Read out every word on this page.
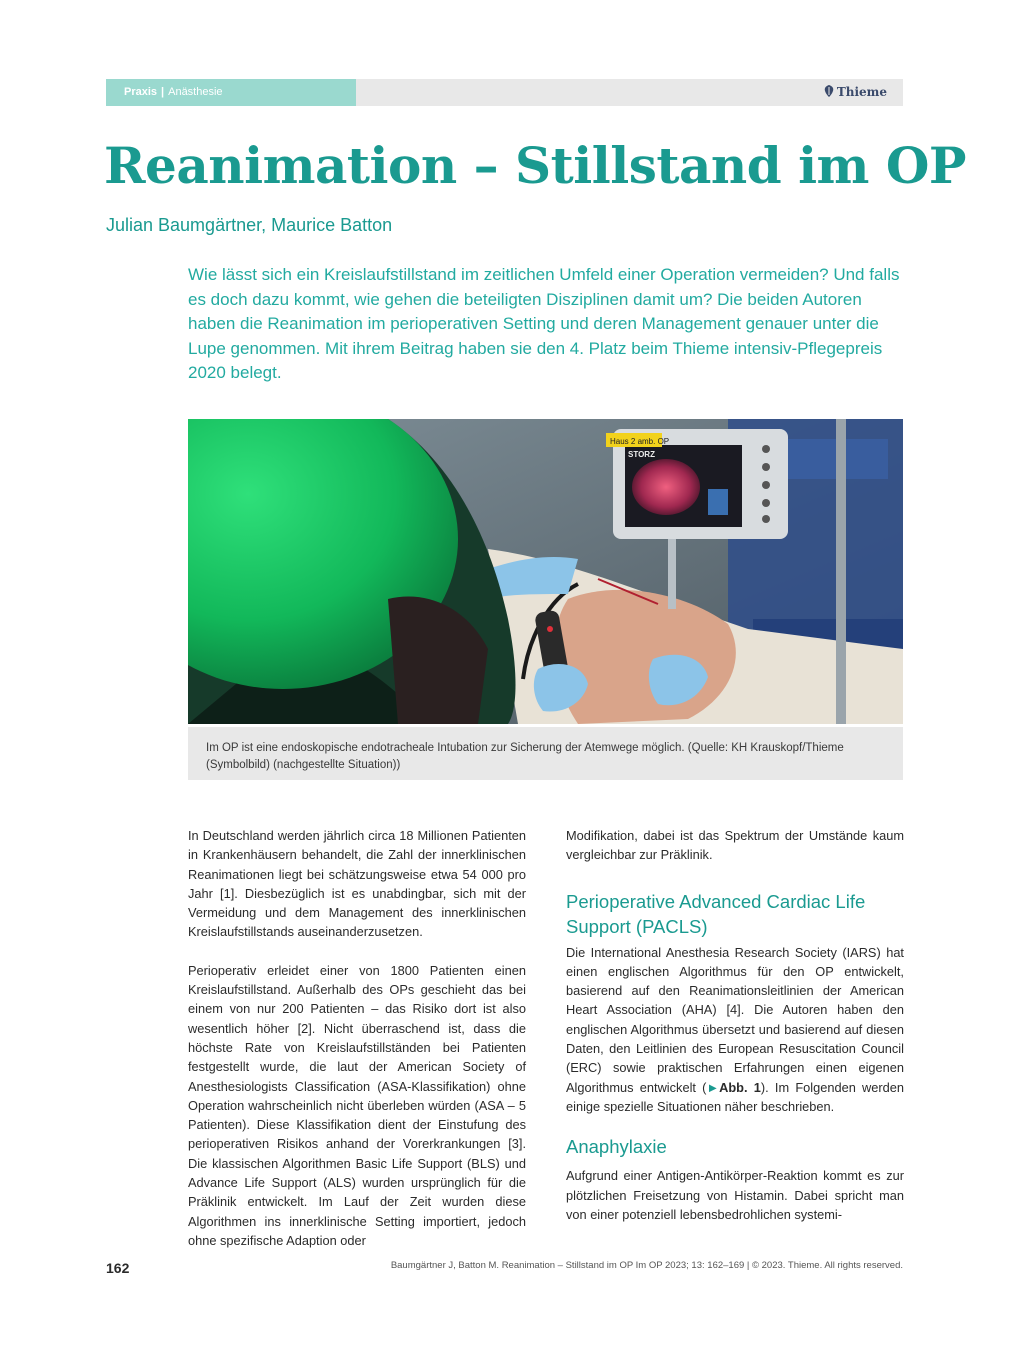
Praxis | Anästhesie	Thieme
Reanimation – Stillstand im OP
Julian Baumgärtner, Maurice Batton

Wie lässt sich ein Kreislaufstillstand im zeitlichen Umfeld einer Operation vermeiden? Und falls es doch dazu kommt, wie gehen die beteiligten Disziplinen damit um? Die beiden Autoren haben die Reanimation im perioperativen Setting und deren Management genauer unter die Lupe genommen. Mit ihrem Beitrag haben sie den 4. Platz beim Thieme intensiv-Pflegepreis 2020 belegt.

Haus 2 amb. OP
STORZ
Im OP ist eine endoskopische endotracheale Intubation zur Sicherung der Atemwege möglich. (Quelle: KH Krauskopf/Thieme (Symbolbild) (nachgestellte Situation))

In Deutschland werden jährlich circa 18 Millionen Patienten in Krankenhäusern behandelt, die Zahl der innerklinischen Reanimationen liegt bei schätzungsweise etwa 54 000 pro Jahr [1]. Diesbezüglich ist es unabdingbar, sich mit der Vermeidung und dem Management des innerklinischen Kreislaufstillstands auseinanderzusetzen.

Perioperativ erleidet einer von 1800 Patienten einen Kreislaufstillstand. Außerhalb des OPs geschieht das bei einem von nur 200 Patienten – das Risiko dort ist also wesentlich höher [2]. Nicht überraschend ist, dass die höchste Rate von Kreislaufstillständen bei Patienten festgestellt wurde, die laut der American Society of Anesthesiologists Classification (ASA-Klassifikation) ohne Operation wahrscheinlich nicht überleben würden (ASA – 5 Patienten). Diese Klassifikation dient der Einstufung des perioperativen Risikos anhand der Vorerkrankungen [3]. Die klassischen Algorithmen Basic Life Support (BLS) und Advance Life Support (ALS) wurden ursprünglich für die Präklinik entwickelt. Im Lauf der Zeit wurden diese Algorithmen ins innerklinische Setting importiert, jedoch ohne spezifische Adaption oder

Modifikation, dabei ist das Spektrum der Umstände kaum vergleichbar zur Präklinik.

Perioperative Advanced Cardiac Life Support (PACLS)

Die International Anesthesia Research Society (IARS) hat einen englischen Algorithmus für den OP entwickelt, basierend auf den Reanimationsleitlinien der American Heart Association (AHA) [4]. Die Autoren haben den englischen Algorithmus übersetzt und basierend auf diesen Daten, den Leitlinien des European Resuscitation Council (ERC) sowie praktischen Erfahrungen einen eigenen Algorithmus entwickelt (►Abb. 1). Im Folgenden werden einige spezielle Situationen näher beschrieben.

Anaphylaxie

Aufgrund einer Antigen-Antikörper-Reaktion kommt es zur plötzlichen Freisetzung von Histamin. Dabei spricht man von einer potenziell lebensbedrohlichen systemi-

162	Baumgärtner J, Batton M. Reanimation – Stillstand im OP Im OP 2023; 13: 162–169 | © 2023. Thieme. All rights reserved.
